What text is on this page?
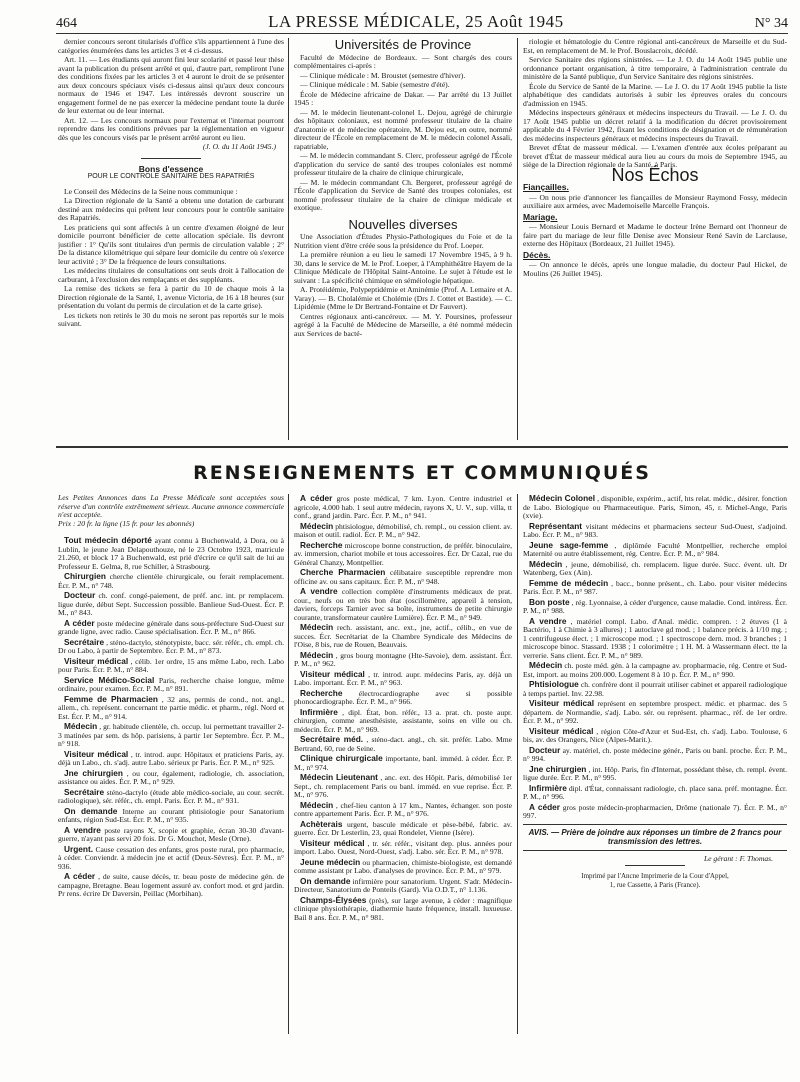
464	LA PRESSE MÉDICALE, 25 Août 1945	N° 34

dernier concours seront titularisés d'office s'ils appartiennent à l'une des catégories énumérées dans les articles 3 et 4 ci-dessus.

Art. 11. — Les étudiants qui auront fini leur scolarité et passé leur thèse avant la publication du présent arrêté et qui, d'autre part, rempliront l'une des conditions fixées par les articles 3 et 4 auront le droit de se présenter aux deux concours spéciaux visés ci-dessus ainsi qu'aux deux concours normaux de 1946 et 1947. Les intéressés devront souscrire un engagement formel de ne pas exercer la médecine pendant toute la durée de leur externat ou de leur internat.

Art. 12. — Les concours normaux pour l'externat et l'internat pourront reprendre dans les conditions prévues par la réglementation en vigueur dès que les concours visés par le présent arrêté auront eu lieu.

(J. O. du 11 Août 1945.)
Bons d'essence
POUR LE CONTROLE SANITAIRE DES RAPATRIÉS

Le Conseil des Médecins de la Seine nous communique :

La Direction régionale de la Santé a obtenu une dotation de carburant destiné aux médecins qui prêtent leur concours pour le contrôle sanitaire des Rapatriés.

Les praticiens qui sont affectés à un centre d'examen éloigné de leur domicile pourront bénéficier de cette allocation spéciale. Ils devront justifier : 1° Qu'ils sont titulaires d'un permis de circulation valable ; 2° De la distance kilométrique qui sépare leur domicile du centre où s'exerce leur activité ; 3° De la fréquence de leurs consultations.

Les médecins titulaires de consultations ont seuls droit à l'allocation de carburant, à l'exclusion des remplaçants et des suppléants.

La remise des tickets se fera à partir du 10 de chaque mois à la Direction régionale de la Santé, 1, avenue Victoria, de 16 à 18 heures (sur présentation du volant du permis de circulation et de la carte grise).

Les tickets non retirés le 30 du mois ne seront pas reportés sur le mois suivant.

Universités de Province

Faculté de Médecine de Bordeaux. — Sont chargés des cours complémentaires ci-après :

— Clinique médicale : M. Broustet (semestre d'hiver).

— Clinique médicale : M. Sabie (semestre d'été).

École de Médecine africaine de Dakar. — Par arrêté du 13 Juillet 1945 :

— M. le médecin lieutenant-colonel L. Dejou, agrégé de chirurgie des hôpitaux coloniaux, est nommé professeur titulaire de la chaire d'anatomie et de médecine opératoire, M. Dejou est, en outre, nommé directeur de l'École en remplacement de M. le médecin colonel Assali, rapatriable,

— M. le médecin commandant S. Clerc, professeur agrégé de l'École d'application du service de santé des troupes coloniales est nommé professeur titulaire de la chaire de clinique chirurgicale,

— M. le médecin commandant Ch. Bergeret, professeur agrégé de l'École d'application du Service de Santé des troupes coloniales, est nommé professeur titulaire de la chaire de clinique médicale et exotique.

Nouvelles diverses

Une Association d'Études Physio-Pathologiques du Foie et de la Nutrition vient d'être créée sous la présidence du Prof. Loeper.

La première réunion a eu lieu le samedi 17 Novembre 1945, à 9 h. 30, dans le service de M. le Prof. Loeper, à l'Amphithéâtre Hayem de la Clinique Médicale de l'Hôpital Saint-Antoine. Le sujet à l'étude est le suivant : La spécificité chimique en séméiologie hépatique.

A. Protéidémie, Polypeptidémie et Aminémie (Prof. A. Lemaire et A. Varay). — B. Cholalémie et Cholémie (Drs J. Cottet et Bastide). — C. Lipidémie (Mme le Dr Bertrand-Fontaine et Dr Fauvert).

Centres régionaux anti-cancéreux. — M. Y. Poursines, professeur agrégé à la Faculté de Médecine de Marseille, a été nommé médecin aux Services de bacté-

riologie et hématologie du Centre régional anti-cancéreux de Marseille et du Sud-Est, en remplacement de M. le Prof. Bouslacroix, décédé.

Service Sanitaire des régions sinistrées. — Le J. O. du 14 Août 1945 publie une ordonnance portant organisation, à titre temporaire, à l'administration centrale du ministère de la Santé publique, d'un Service Sanitaire des régions sinistrées.

École du Service de Santé de la Marine. — Le J. O. du 17 Août 1945 publie la liste alphabétique des candidats autorisés à subir les épreuves orales du concours d'admission en 1945.

Médecins inspecteurs généraux et médecins inspecteurs du Travail. — Le J. O. du 17 Août 1945 publie un décret relatif à la modification du décret provisoirement applicable du 4 Février 1942, fixant les conditions de désignation et de rémunération des médecins inspecteurs généraux et médecins inspecteurs du Travail.

Brevet d'État de masseur médical. — L'examen d'entrée aux écoles préparant au brevet d'État de masseur médical aura lieu au cours du mois de Septembre 1945, au siège de la Direction régionale de la Santé, à Paris.

Nos Échos
Fiançailles.

— On nous prie d'annoncer les fiançailles de Monsieur Raymond Fossy, médecin auxiliaire aux armées, avec Mademoiselle Marcelle François.

Mariage.

— Monsieur Louis Bernard et Madame le docteur Irène Bernard ont l'honneur de faire part du mariage de leur fille Denise avec Monsieur René Savin de Larclause, externe des Hôpitaux (Bordeaux, 21 Juillet 1945).

Décès.

— On annonce le décès, après une longue maladie, du docteur Paul Hickel, de Moulins (26 Juillet 1945).

RENSEIGNEMENTS ET COMMUNIQUÉS
Les Petites Annonces dans La Presse Médicale sont acceptées sous réserve d'un contrôle extrêmement sérieux. Aucune annonce commerciale n'est acceptée.
Prix : 20 fr. la ligne (15 fr. pour les abonnés)

Tout médecin déporté ayant connu à Buchenwald, à Dora, ou à Lublin, le jeune Jean Delapouthouze, né le 23 Octobre 1923, matricule 21.260, et block 17 à Buchenwald, est prié d'écrire ce qu'il sait de lui au Professeur E. Gelma, 8, rue Schiller, à Strasbourg.

Chirurgien cherche clientèle chirurgicale, ou ferait remplacement. Écr. P. M., n° 748.

Docteur ch. conf. congé-paiement, de préf. anc. int. pr remplacem. ligue durée, début Sept. Succession possible. Banlieue Sud-Ouest. Écr. P. M., n° 843.

A céder poste médecine générale dans sous-préfecture Sud-Ouest sur grande ligne, avec radio. Cause spécialisation. Écr. P. M., n° 866.

Secrétaire , sténo-dactylo, sténotypiste, bacc. sér. référ., ch. empl. ch. Dr ou Labo, à partir de Septembre. Écr. P. M., n° 873.

Visiteur médical , célib. 1er ordre, 15 ans même Labo, rech. Labo pour Paris. Écr. P. M., n° 884.

Service Médico-Social Paris, recherche chaise longue, même ordinaire, pour examen. Écr. P. M., n° 891.

Femme de Pharmacien , 32 ans, permis de cond., not. angl., allem., ch. représent. concernant tte partie médic. et pharm., régl. Nord et Est. Écr. P. M., n° 914.

Médecin , gr. habitude clientèle, ch. occup. lui permettant travailler 2-3 matinées par sem. ds hôp. parisiens, à partir 1er Septembre. Écr. P. M., n° 918.

Visiteur médical , tr. introd. aupr. Hôpitaux et praticiens Paris, ay. déjà un Labo., ch. s'adj. autre Labo. sérieux pr Paris. Écr. P. M., n° 925.

Jne chirurgien , ou cour, également, radiologie, ch. association, assistance ou aides. Écr. P. M., n° 929.

Secrétaire sténo-dactylo (étude able médico-sociale, au cour. secrét. radiologique), sér. référ., ch. empl. Paris. Écr. P. M., n° 931.

On demande Interne au courant phtisiologie pour Sanatorium enfants, région Sud-Est. Écr. P. M., n° 935.

A vendre poste rayons X, scopie et graphie, écran 30-30 d'avant-guerre, n'ayant pas servi 20 fois. Dr G. Mouchot, Mesle (Orne).

Urgent. Cause cessation des enfants, gros poste rural, pro pharmacie, à céder. Conviendr. à médecin jne et actif (Deux-Sèvres). Écr. P. M., n° 936.

A céder , de suite, cause décès, tr. beau poste de médecine gén. de campagne, Bretagne. Beau logement assuré av. confort mod. et grd jardin. Pr rens. écrire Dr Daversin, Peillac (Morbihan).

A céder gros poste médical, 7 km. Lyon. Centre industriel et agricole, 4.000 hab. 1 seul autre médecin, rayons X, U. V., sup. villa, tt conf., grand jardin. Parc. Écr. P. M., n° 941.

Médecin phtisiologue, démobilisé, ch. rempl., ou cession client. av. maison et outil. radiol. Écr. P. M., n° 942.

Recherche microscope bonne construction, de préfér. binoculaire, av. immersion, chariot mobile et tous accessoires. Écr. Dr Cazal, rue du Général Chanzy, Montpellier.

Cherche Pharmacien célibataire susceptible reprendre mon officine av. ou sans capitaux. Écr. P. M., n° 948.

A vendre collection complète d'instruments médicaux de prat. cour., neufs ou en très bon état (oscillomètre, appareil à tension, daviers, forceps Tarnier avec sa boîte, instruments de petite chirurgie courante, transformateur cautère Lumière). Écr. P. M., n° 949.

Médecin rech. assistant, anc. ext., jne, actif., célib., en vue de succes. Écr. Secrétariat de la Chambre Syndicale des Médecins de l'Oise, 8 bis, rue de Rouen, Beauvais.

Médecin , gros bourg montagne (Hte-Savoie), dem. assistant. Écr. P. M., n° 962.

Visiteur médical , tr. introd. aupr. médecins Paris, ay. déjà un Labo. important. Écr. P. M., n° 963.

Recherche électrocardiographe avec si possible phonocardiographe. Écr. P. M., n° 966.

Infirmière , dipl. État, bon. référ., 13 a. prat. ch. poste aupr. chirurgien, comme anesthésiste, assistante, soins en ville ou ch. médecin. Écr. P. M., n° 969.

Secrétaire méd. , sténo-dact. angl., ch. sit. préfér. Labo. Mme Bertrand, 60, rue de Seine.

Clinique chirurgicale importante, banl. imméd. à céder. Écr. P. M., n° 974.

Médecin Lieutenant , anc. ext. des Hôpit. Paris, démobilisé 1er Sept., ch. remplacement Paris ou banl. imméd. en vue reprise. Écr. P. M., n° 976.

Médecin , chef-lieu canton à 17 km., Nantes, échanger. son poste contre appartement Paris. Écr. P. M., n° 976.

Achèterais urgent, bascule médicale et pèse-bébé, fabric. av. guerre. Écr. Dr Lesterlin, 23, quai Rondelet, Vienne (Isère).

Visiteur médical , tr. sér. référ., visitant dep. plus. années pour import. Labo. Ouest, Nord-Ouest, s'adj. Labo. sér. Écr. P. M., n° 978.

Jeune médecin ou pharmacien, chimiste-biologiste, est demandé comme assistant pr Labo. d'analyses de province. Écr. P. M., n° 979.

On demande infirmière pour sanatorium. Urgent. S'adr. Médecin-Directeur, Sanatorium de Ponteils (Gard). Via O.D.T., n° 1.136.

Champs-Élysées (près), sur large avenue, à céder : magnifique clinique physiothérapie, diathermie haute fréquence, install. luxueuse. Bail 8 ans. Écr. P. M., n° 981.

Médecin Colonel , disponible, expérim., actif, hts relat. médic., désirer. fonction de Labo. Biologique ou Pharmaceutique. Paris, Simon, 45, r. Michel-Ange, Paris (xvie).

Représentant visitant médecins et pharmaciens secteur Sud-Ouest, s'adjoind. Labo. Écr. P. M., n° 983.

Jeune sage-femme , diplômée Faculté Montpellier, recherche emploi Maternité ou autre établissement, rég. Centre. Écr. P. M., n° 984.

Médecin , jeune, démobilisé, ch. remplacem. ligue durée. Succ. évent. ult. Dr Watenberg, Gex (Ain).

Femme de médecin , bacc., bonne présent., ch. Labo. pour visiter médecins Paris. Écr. P. M., n° 987.

Bon poste , rég. Lyonnaise, à céder d'urgence, cause maladie. Cond. intéress. Écr. P. M., n° 988.

A vendre , matériel compl. Labo. d'Anal. médic. compren. : 2 étuves (1 à Bactério, 1 à Chimie à 3 allures) ; 1 autoclave gd mod. ; 1 balance précis. à 1/10 mg. ; 1 centrifugeuse élect. ; 1 microscope mod. ; 1 spectroscope dern. mod. 3 branches ; 1 microscope binoc. Stassard. 1938 ; 1 colorimètre ; 1 H. M. à Wassermann élect. tte la verrerie. Sans client. Écr. P. M., n° 989.

Médecin ch. poste méd. gén. à la campagne av. propharmacie, rég. Centre et Sud-Est, import. au moins 200.000. Logement 8 à 10 p. Écr. P. M., n° 990.

Phtisiologue ch. confrère dont il pourrait utiliser cabinet et appareil radiologique à temps partiel. Inv. 22.98.

Visiteur médical représent en septembre prospect. médic. et pharmac. des 5 départem. de Normandie, s'adj. Labo. sér. ou représent. pharmac., réf. de 1er ordre. Écr. P. M., n° 992.

Visiteur médical , région Côte-d'Azur et Sud-Est, ch. s'adj. Labo. Toulouse, 6 bis, av. des Orangers, Nice (Alpes-Marit.).

Docteur ay. matériel, ch. poste médecine génér., Paris ou banl. proche. Écr. P. M., n° 994.

Jne chirurgien , int. Hôp. Paris, fin d'Internat, possédant thèse, ch. rempl. évent. ligue durée. Écr. P. M., n° 995.

Infirmière dipl. d'État, connaissant radiologie, ch. place sana. préf. montagne. Écr. P. M., n° 996.

A céder gros poste médecin-propharmacien, Drôme (nationale 7). Écr. P. M., n° 997.

AVIS. — Prière de joindre aux réponses un timbre de 2 francs pour transmission des lettres.
Le gérant : F. Thomas.
Imprimé par l'Ancne Imprimerie de la Cour d'Appel,
1, rue Cassette, à Paris (France).
